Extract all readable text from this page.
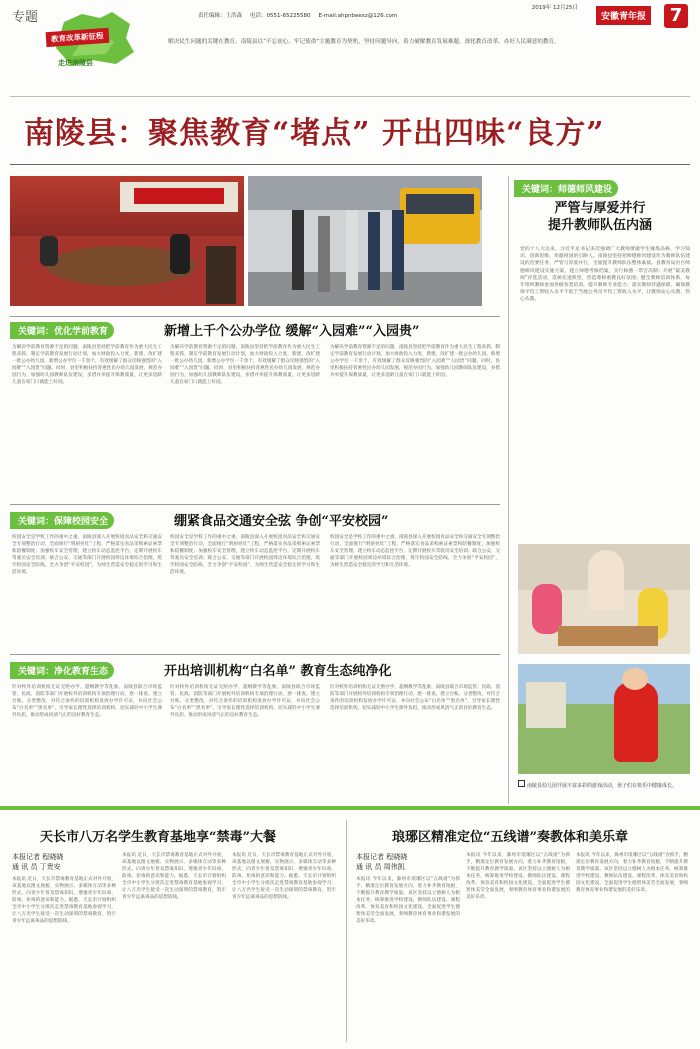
专题
教育改革新征程
走进南陵县
2019年 12月25日
责任编辑：王浩森 电话：0551-65225580 E-mail:ahpnbeexz@126.com	安徽青年报	7
解决民生问题的关键在教育。南陵县以“不忘初心、牢记使命”主题教育为契机，坚持问题导向，着力破解教育发展难题，深化教育改革，办好人民满意的教育。
南陵县：聚焦教育“堵点” 开出四味“良方”
关键词：师德师风建设
严管与厚爱并行
提升教师队伍内涵
党的十八大以来，习近平总书记多次强调广大教师要做学生锤炼品格、学习知识、创新思维、奉献祖国的引路人。南陵县坚持把师德师风建设作为教师队伍建设的首要任务，严管与厚爱并行，全面提升教师队伍整体素质。县教育局出台师德师风建设实施方案，建立师德考核档案，实行师德一票否决制；开展“最美教师”评选活动，选树先进典型，营造尊师重教良好氛围；健全教师培训体系，每年组织教师参加各级各类培训，提升教师专业能力；落实教师待遇保障，确保教师平均工资收入水平不低于当地公务员平均工资收入水平，让教师安心从教、热心从教。
南陵县幼儿园开展丰富多彩的游戏活动，孩子们在快乐中健康成长。
关键词：优化学前教育	新增上千个公办学位 缓解“入园难”“入园贵”
为解决学前教育资源不足的问题，南陵县坚持把学前教育作为重大民生工程来抓，制定学前教育发展行动计划，加大财政投入力度，新建、改扩建一批公办幼儿园，新增公办学位一千余个，有效缓解了群众反映强烈的“入园难”“入园贵”问题。同时，县里积极扶持普惠性民办幼儿园发展，规范办园行为，加强幼儿园教师队伍建设，多措并举提升保教质量，让更多适龄儿童在家门口就能上好园。
为解决学前教育资源不足的问题，南陵县坚持把学前教育作为重大民生工程来抓，制定学前教育发展行动计划，加大财政投入力度，新建、改扩建一批公办幼儿园，新增公办学位一千余个，有效缓解了群众反映强烈的“入园难”“入园贵”问题。同时，县里积极扶持普惠性民办幼儿园发展，规范办园行为，加强幼儿园教师队伍建设，多措并举提升保教质量，让更多适龄儿童在家门口就能上好园。
为解决学前教育资源不足的问题，南陵县坚持把学前教育作为重大民生工程来抓，制定学前教育发展行动计划，加大财政投入力度，新建、改扩建一批公办幼儿园，新增公办学位一千余个，有效缓解了群众反映强烈的“入园难”“入园贵”问题。同时，县里积极扶持普惠性民办幼儿园发展，规范办园行为，加强幼儿园教师队伍建设，多措并举提升保教质量，让更多适龄儿童在家门口就能上好园。
关键词：保障校园安全	绷紧食品交通安全弦 争创“平安校园”
校园安全是学校工作的重中之重。南陵县深入开展校园食品安全和交通安全专项整治行动，全面推行“明厨亮灶”工程，严格落实食品采购索证索票和陪餐制度；加强校车安全管理，建立校车动态监控平台，定期开展校车驾驶员安全培训；联合公安、交通等部门开展校园周边环境综合治理，筑牢校园安全防线，全力争创“平安校园”，为师生营造安全稳定的学习和生活环境。
校园安全是学校工作的重中之重。南陵县深入开展校园食品安全和交通安全专项整治行动，全面推行“明厨亮灶”工程，严格落实食品采购索证索票和陪餐制度；加强校车安全管理，建立校车动态监控平台，定期开展校车驾驶员安全培训；联合公安、交通等部门开展校园周边环境综合治理，筑牢校园安全防线，全力争创“平安校园”，为师生营造安全稳定的学习和生活环境。
校园安全是学校工作的重中之重。南陵县深入开展校园食品安全和交通安全专项整治行动，全面推行“明厨亮灶”工程，严格落实食品采购索证索票和陪餐制度；加强校车安全管理，建立校车动态监控平台，定期开展校车驾驶员安全培训；联合公安、交通等部门开展校园周边环境综合治理，筑牢校园安全防线，全力争创“平安校园”，为师生营造安全稳定的学习和生活环境。
关键词：净化教育生态	开出培训机构“白名单” 教育生态纯净化
针对校外培训机构无证无照办学、超纲教学等乱象，南陵县联合市场监管、民政、消防等部门开展校外培训机构专项治理行动，逐一排查、建立台账、分类整改，对符合条件的培训机构发放办学许可证，并向社会公布“白名单”“黑名单”，引导家长理性选择培训机构，切实减轻中小学生课外负担，推动形成风清气正的良好教育生态。
针对校外培训机构无证无照办学、超纲教学等乱象，南陵县联合市场监管、民政、消防等部门开展校外培训机构专项治理行动，逐一排查、建立台账、分类整改，对符合条件的培训机构发放办学许可证，并向社会公布“白名单”“黑名单”，引导家长理性选择培训机构，切实减轻中小学生课外负担，推动形成风清气正的良好教育生态。
针对校外培训机构无证无照办学、超纲教学等乱象，南陵县联合市场监管、民政、消防等部门开展校外培训机构专项治理行动，逐一排查、建立台账、分类整改，对符合条件的培训机构发放办学许可证，并向社会公布“白名单”“黑名单”，引导家长理性选择培训机构，切实减轻中小学生课外负担，推动形成风清气正的良好教育生态。
天长市八万名学生教育基地享“禁毒”大餐
本报记者 程晓晓
通 讯 员 丁贵安
本报讯 近日，天长市禁毒教育基地正式对外开放，该基地以图文展板、实物展示、多媒体互动等多种形式，向青少年普及禁毒知识，增强青少年识毒、防毒、拒毒的意识和能力。据悉，天长市计划组织全市中小学生分批次走进禁毒教育基地参观学习，让八万名学生接受一次生动深刻的禁毒教育，筑牢青少年远离毒品的思想防线。
本报讯 近日，天长市禁毒教育基地正式对外开放，该基地以图文展板、实物展示、多媒体互动等多种形式，向青少年普及禁毒知识，增强青少年识毒、防毒、拒毒的意识和能力。据悉，天长市计划组织全市中小学生分批次走进禁毒教育基地参观学习，让八万名学生接受一次生动深刻的禁毒教育，筑牢青少年远离毒品的思想防线。
本报讯 近日，天长市禁毒教育基地正式对外开放，该基地以图文展板、实物展示、多媒体互动等多种形式，向青少年普及禁毒知识，增强青少年识毒、防毒、拒毒的意识和能力。据悉，天长市计划组织全市中小学生分批次走进禁毒教育基地参观学习，让八万名学生接受一次生动深刻的禁毒教育，筑牢青少年远离毒品的思想防线。
琅琊区精准定位“五线谱”奏教体和美乐章
本报记者 程晓晓
通 讯 员 周伟凯
本报讯 今年以来，滁州市琅琊区以“五线谱”为抓手，精准定位教育发展方向，着力补齐教育短板，不断提升教育教学质量。该区坚持以立德树人为根本任务，统筹推进学校建设、教师队伍建设、课程改革、体育美育和校园文化建设，全面促进学生德智体美劳全面发展，奏响教育体育事业和谐发展的美好乐章。
本报讯 今年以来，滁州市琅琊区以“五线谱”为抓手，精准定位教育发展方向，着力补齐教育短板，不断提升教育教学质量。该区坚持以立德树人为根本任务，统筹推进学校建设、教师队伍建设、课程改革、体育美育和校园文化建设，全面促进学生德智体美劳全面发展，奏响教育体育事业和谐发展的美好乐章。
本报讯 今年以来，滁州市琅琊区以“五线谱”为抓手，精准定位教育发展方向，着力补齐教育短板，不断提升教育教学质量。该区坚持以立德树人为根本任务，统筹推进学校建设、教师队伍建设、课程改革、体育美育和校园文化建设，全面促进学生德智体美劳全面发展，奏响教育体育事业和谐发展的美好乐章。
